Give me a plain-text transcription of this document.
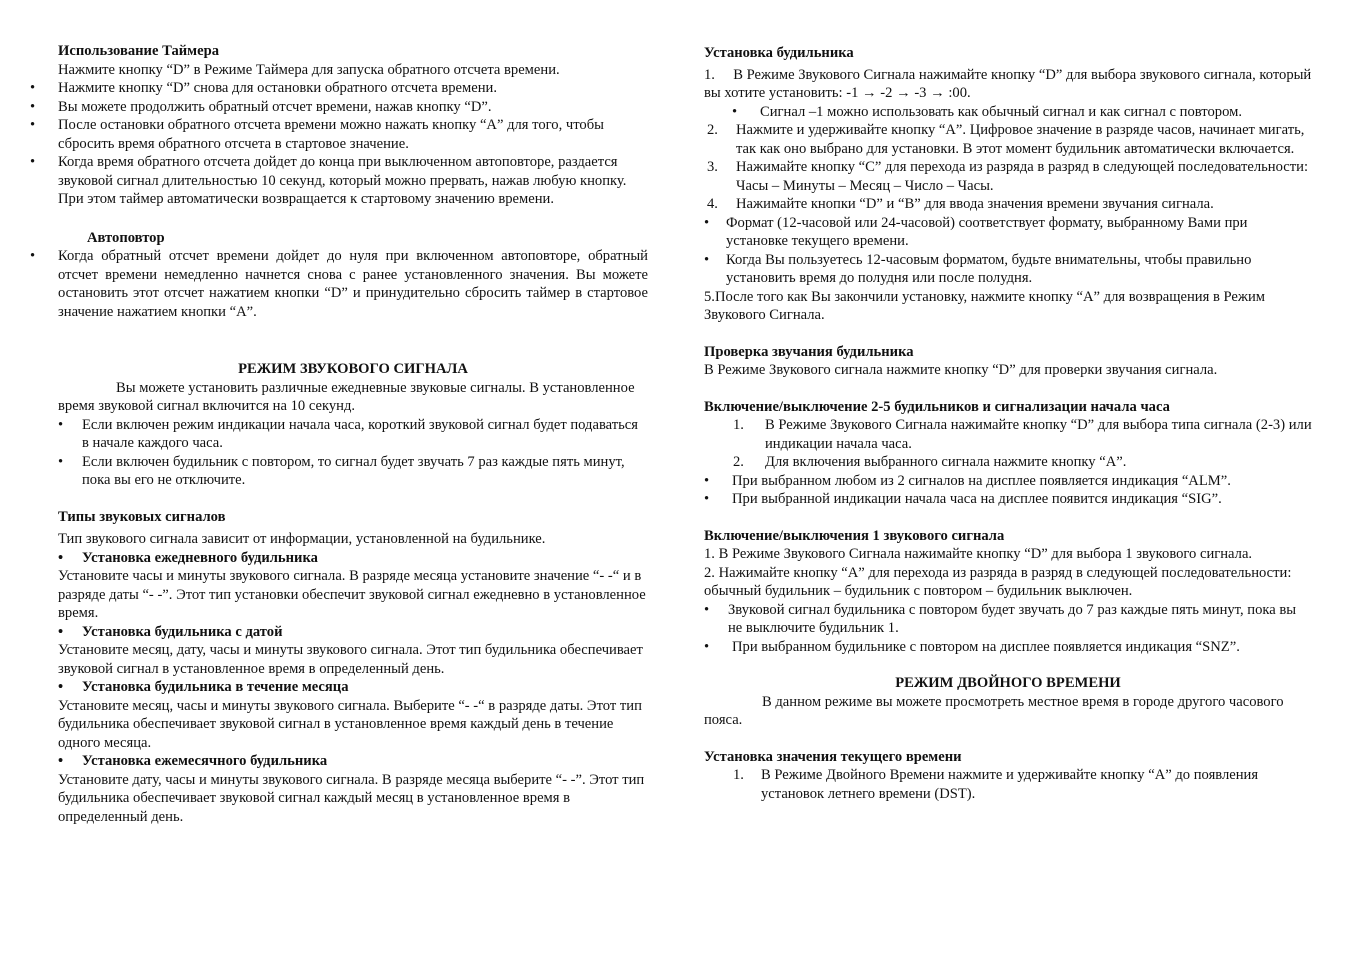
Использование Таймера

Нажмите кнопку “D” в Режиме Таймера для запуска обратного отсчета времени.

• Нажмите кнопку “D” снова для остановки обратного отсчета времени.
• Вы можете продолжить обратный отсчет времени, нажав кнопку “D”.
• После остановки обратного отсчета времени можно нажать кнопку “A” для того, чтобы сбросить время обратного отсчета в стартовое значение.
• Когда время обратного отсчета дойдет до конца при выключенном автоповторе, раздается звуковой сигнал длительностью 10 секунд, который можно прервать, нажав любую кнопку. При этом таймер автоматически возвращается к стартовому значению времени.

Автоповтор

• Когда обратный отсчет времени дойдет до нуля при включенном автоповторе, обратный отсчет времени немедленно начнется снова с ранее установленного значения. Вы можете остановить этот отсчет нажатием кнопки “D” и принудительно сбросить таймер в стартовое значение нажатием кнопки “A”.

РЕЖИМ ЗВУКОВОГО СИГНАЛА

Вы можете установить различные ежедневные звуковые сигналы. В установленное время звуковой сигнал включится на 10 секунд.

• Если включен режим индикации начала часа, короткий звуковой сигнал будет подаваться в начале каждого часа.

• Если включен будильник с повтором, то сигнал будет звучать 7 раз каждые пять минут, пока вы его не отключите.

Типы звуковых сигналов

Тип звукового сигнала зависит от информации, установленной на будильнике.

• Установка ежедневного будильника

Установите часы и минуты звукового сигнала. В разряде месяца установите значение “- -“ и в разряде даты “- -”. Этот тип установки обеспечит звуковой сигнал ежедневно в установленное время.

• Установка будильника с датой

Установите месяц, дату, часы и минуты звукового сигнала. Этот тип будильника обеспечивает звуковой сигнал в установленное время в определенный день.

• Установка будильника в течение месяца

Установите месяц, часы и минуты звукового сигнала. Выберите “- -“ в разряде даты. Этот тип будильника обеспечивает звуковой сигнал в установленное время каждый день в течение одного месяца.

• Установка ежемесячного будильника

Установите дату, часы и минуты звукового сигнала. В разряде месяца выберите “- -”. Этот тип будильника обеспечивает звуковой сигнал каждый месяц в установленное время в определенный день.

Установка будильника

1. В Режиме Звукового Сигнала нажимайте кнопку “D” для выбора звукового сигнала, который вы хотите установить: -1 → -2 → -3 → :00.

• Сигнал –1 можно использовать как обычный сигнал и как сигнал с повтором.
2.	Нажмите и удерживайте кнопку “A”. Цифровое значение в разряде часов, начинает мигать, так как оно выбрано для установки. В этот момент будильник автоматически включается.
3.	Нажимайте кнопку “C” для перехода из разряда в разряд в следующей последовательности: Часы – Минуты – Месяц – Число – Часы.
4.	Нажимайте кнопки “D” и “B” для ввода значения времени звучания сигнала.

• Формат (12-часовой или 24-часовой) соответствует формату, выбранному Вами при установке текущего времени.

• Когда Вы пользуетесь 12-часовым форматом, будьте внимательны, чтобы правильно установить время до полудня или после полудня.

5.После того как Вы закончили установку, нажмите кнопку “A” для возвращения в Режим Звукового Сигнала.

Проверка звучания будильника

В Режиме Звукового сигнала нажмите кнопку “D” для проверки звучания сигнала.

Включение/выключение 2-5 будильников и сигнализации начала часа

1.	В Режиме Звукового Сигнала нажимайте кнопку “D” для выбора типа сигнала (2-3) или индикации начала часа.
2.	Для включения выбранного сигнала нажмите кнопку “A”.
• При выбранном любом из 2 сигналов на дисплее появляется индикация “ALM”.
• При выбранной индикации начала часа на дисплее появится индикация “SIG”.

Включение/выключения 1 звукового сигнала

1. В Режиме Звукового Сигнала нажимайте кнопку “D” для выбора 1 звукового сигнала.

2. Нажимайте кнопку “A” для перехода из разряда в разряд в следующей последовательности: обычный будильник – будильник с повтором – будильник выключен.

• Звуковой сигнал будильника с повтором будет звучать до 7 раз каждые пять минут, пока вы не выключите будильник 1.

• При выбранном будильнике с повтором на дисплее появляется индикация “SNZ”.

РЕЖИМ ДВОЙНОГО ВРЕМЕНИ

В данном режиме вы можете просмотреть местное время в городе другого часового пояса.

Установка значения текущего времени

1.	В Режиме Двойного Времени нажмите и удерживайте кнопку “A” до появления установок летнего времени (DST).
